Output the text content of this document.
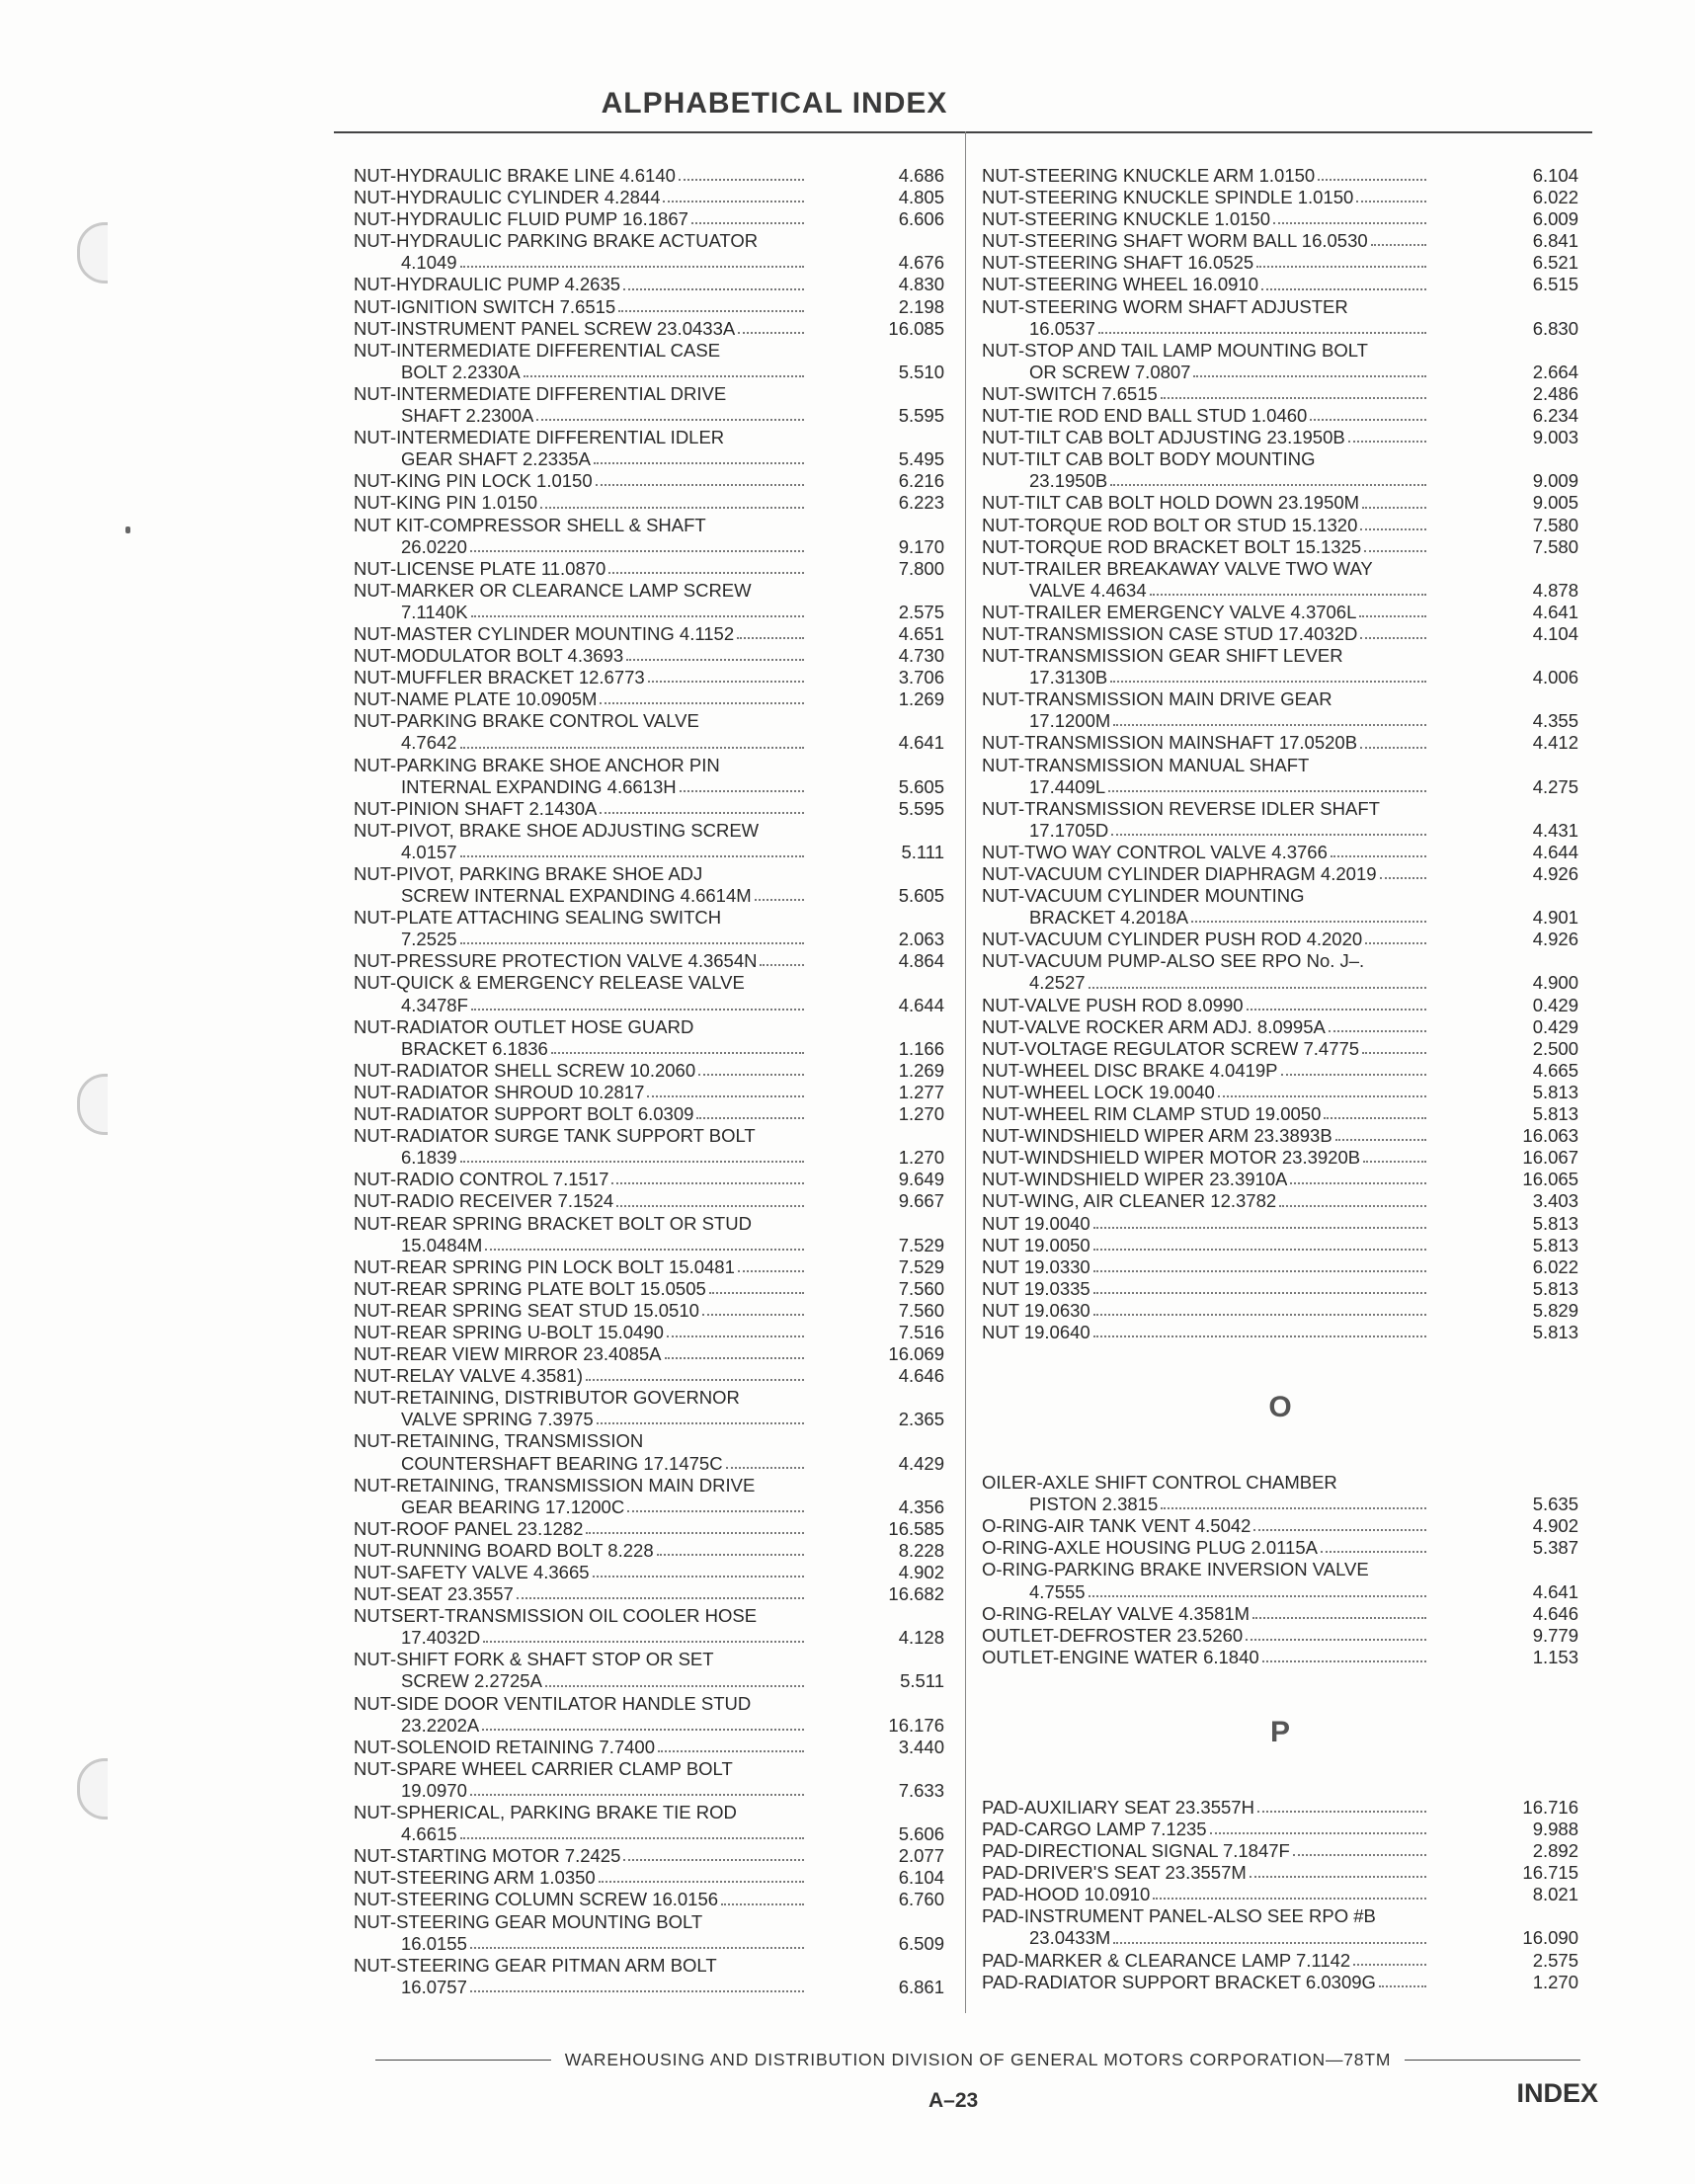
ALPHABETICAL INDEX
NUT-HYDRAULIC BRAKE LINE 4.6140	4.686
NUT-HYDRAULIC CYLINDER 4.2844	4.805
NUT-HYDRAULIC FLUID PUMP 16.1867	6.606
NUT-HYDRAULIC PARKING BRAKE ACTUATOR
4.1049	4.676
NUT-HYDRAULIC PUMP 4.2635	4.830
NUT-IGNITION SWITCH 7.6515	2.198
NUT-INSTRUMENT PANEL SCREW 23.0433A	16.085
NUT-INTERMEDIATE DIFFERENTIAL CASE
BOLT 2.2330A	5.510
NUT-INTERMEDIATE DIFFERENTIAL DRIVE
SHAFT 2.2300A	5.595
NUT-INTERMEDIATE DIFFERENTIAL IDLER
GEAR SHAFT 2.2335A	5.495
NUT-KING PIN LOCK 1.0150	6.216
NUT-KING PIN 1.0150	6.223
NUT KIT-COMPRESSOR SHELL & SHAFT
26.0220	9.170
NUT-LICENSE PLATE 11.0870	7.800
NUT-MARKER OR CLEARANCE LAMP SCREW
7.1140K	2.575
NUT-MASTER CYLINDER MOUNTING 4.1152	4.651
NUT-MODULATOR BOLT 4.3693	4.730
NUT-MUFFLER BRACKET 12.6773	3.706
NUT-NAME PLATE 10.0905M	1.269
NUT-PARKING BRAKE CONTROL VALVE
4.7642	4.641
NUT-PARKING BRAKE SHOE ANCHOR PIN
INTERNAL EXPANDING 4.6613H	5.605
NUT-PINION SHAFT 2.1430A	5.595
NUT-PIVOT, BRAKE SHOE ADJUSTING SCREW
4.0157	5.111
NUT-PIVOT, PARKING BRAKE SHOE ADJ
SCREW INTERNAL EXPANDING 4.6614M	5.605
NUT-PLATE ATTACHING SEALING SWITCH
7.2525	2.063
NUT-PRESSURE PROTECTION VALVE 4.3654N	4.864
NUT-QUICK & EMERGENCY RELEASE VALVE
4.3478F	4.644
NUT-RADIATOR OUTLET HOSE GUARD
BRACKET 6.1836	1.166
NUT-RADIATOR SHELL SCREW 10.2060	1.269
NUT-RADIATOR SHROUD 10.2817	1.277
NUT-RADIATOR SUPPORT BOLT 6.0309	1.270
NUT-RADIATOR SURGE TANK SUPPORT BOLT
6.1839	1.270
NUT-RADIO CONTROL 7.1517	9.649
NUT-RADIO RECEIVER 7.1524	9.667
NUT-REAR SPRING BRACKET BOLT OR STUD
15.0484M	7.529
NUT-REAR SPRING PIN LOCK BOLT 15.0481	7.529
NUT-REAR SPRING PLATE BOLT 15.0505	7.560
NUT-REAR SPRING SEAT STUD 15.0510	7.560
NUT-REAR SPRING U-BOLT 15.0490	7.516
NUT-REAR VIEW MIRROR 23.4085A	16.069
NUT-RELAY VALVE 4.3581)	4.646
NUT-RETAINING, DISTRIBUTOR GOVERNOR
VALVE SPRING 7.3975	2.365
NUT-RETAINING, TRANSMISSION
COUNTERSHAFT BEARING 17.1475C	4.429
NUT-RETAINING, TRANSMISSION MAIN DRIVE
GEAR BEARING 17.1200C	4.356
NUT-ROOF PANEL 23.1282	16.585
NUT-RUNNING BOARD BOLT 8.228	8.228
NUT-SAFETY VALVE 4.3665	4.902
NUT-SEAT 23.3557	16.682
NUTSERT-TRANSMISSION OIL COOLER HOSE
17.4032D	4.128
NUT-SHIFT FORK & SHAFT STOP OR SET
SCREW 2.2725A	5.511
NUT-SIDE DOOR VENTILATOR HANDLE STUD
23.2202A	16.176
NUT-SOLENOID RETAINING 7.7400	3.440
NUT-SPARE WHEEL CARRIER CLAMP BOLT
19.0970	7.633
NUT-SPHERICAL, PARKING BRAKE TIE ROD
4.6615	5.606
NUT-STARTING MOTOR 7.2425	2.077
NUT-STEERING ARM 1.0350	6.104
NUT-STEERING COLUMN SCREW 16.0156	6.760
NUT-STEERING GEAR MOUNTING BOLT
16.0155	6.509
NUT-STEERING GEAR PITMAN ARM BOLT
16.0757	6.861
NUT-STEERING KNUCKLE ARM 1.0150	6.104
NUT-STEERING KNUCKLE SPINDLE 1.0150	6.022
NUT-STEERING KNUCKLE 1.0150	6.009
NUT-STEERING SHAFT WORM BALL 16.0530	6.841
NUT-STEERING SHAFT 16.0525	6.521
NUT-STEERING WHEEL 16.0910	6.515
NUT-STEERING WORM SHAFT ADJUSTER
16.0537	6.830
NUT-STOP AND TAIL LAMP MOUNTING BOLT
OR SCREW 7.0807	2.664
NUT-SWITCH 7.6515	2.486
NUT-TIE ROD END BALL STUD 1.0460	6.234
NUT-TILT CAB BOLT ADJUSTING 23.1950B	9.003
NUT-TILT CAB BOLT BODY MOUNTING
23.1950B	9.009
NUT-TILT CAB BOLT HOLD DOWN 23.1950M	9.005
NUT-TORQUE ROD BOLT OR STUD 15.1320	7.580
NUT-TORQUE ROD BRACKET BOLT 15.1325	7.580
NUT-TRAILER BREAKAWAY VALVE TWO WAY
VALVE 4.4634	4.878
NUT-TRAILER EMERGENCY VALVE 4.3706L	4.641
NUT-TRANSMISSION CASE STUD 17.4032D	4.104
NUT-TRANSMISSION GEAR SHIFT LEVER
17.3130B	4.006
NUT-TRANSMISSION MAIN DRIVE GEAR
17.1200M	4.355
NUT-TRANSMISSION MAINSHAFT 17.0520B	4.412
NUT-TRANSMISSION MANUAL SHAFT
17.4409L	4.275
NUT-TRANSMISSION REVERSE IDLER SHAFT
17.1705D	4.431
NUT-TWO WAY CONTROL VALVE 4.3766	4.644
NUT-VACUUM CYLINDER DIAPHRAGM 4.2019	4.926
NUT-VACUUM CYLINDER MOUNTING
BRACKET 4.2018A	4.901
NUT-VACUUM CYLINDER PUSH ROD 4.2020	4.926
NUT-VACUUM PUMP-ALSO SEE RPO No. J–.
4.2527	4.900
NUT-VALVE PUSH ROD 8.0990	0.429
NUT-VALVE ROCKER ARM ADJ. 8.0995A	0.429
NUT-VOLTAGE REGULATOR SCREW 7.4775	2.500
NUT-WHEEL DISC BRAKE 4.0419P	4.665
NUT-WHEEL LOCK 19.0040	5.813
NUT-WHEEL RIM CLAMP STUD 19.0050	5.813
NUT-WINDSHIELD WIPER ARM 23.3893B	16.063
NUT-WINDSHIELD WIPER MOTOR 23.3920B	16.067
NUT-WINDSHIELD WIPER 23.3910A	16.065
NUT-WING, AIR CLEANER 12.3782	3.403
NUT 19.0040	5.813
NUT 19.0050	5.813
NUT 19.0330	6.022
NUT 19.0335	5.813
NUT 19.0630	5.829
NUT 19.0640	5.813
O
OILER-AXLE SHIFT CONTROL CHAMBER
PISTON 2.3815	5.635
O-RING-AIR TANK VENT 4.5042	4.902
O-RING-AXLE HOUSING PLUG 2.0115A	5.387
O-RING-PARKING BRAKE INVERSION VALVE
4.7555	4.641
O-RING-RELAY VALVE 4.3581M	4.646
OUTLET-DEFROSTER 23.5260	9.779
OUTLET-ENGINE WATER 6.1840	1.153
P
PAD-AUXILIARY SEAT 23.3557H	16.716
PAD-CARGO LAMP 7.1235	9.988
PAD-DIRECTIONAL SIGNAL 7.1847F	2.892
PAD-DRIVER'S SEAT 23.3557M	16.715
PAD-HOOD 10.0910	8.021
PAD-INSTRUMENT PANEL-ALSO SEE RPO #B
23.0433M	16.090
PAD-MARKER & CLEARANCE LAMP 7.1142	2.575
PAD-RADIATOR SUPPORT BRACKET 6.0309G	1.270
WAREHOUSING AND DISTRIBUTION DIVISION OF GENERAL MOTORS CORPORATION—78TM
A–23	INDEX
